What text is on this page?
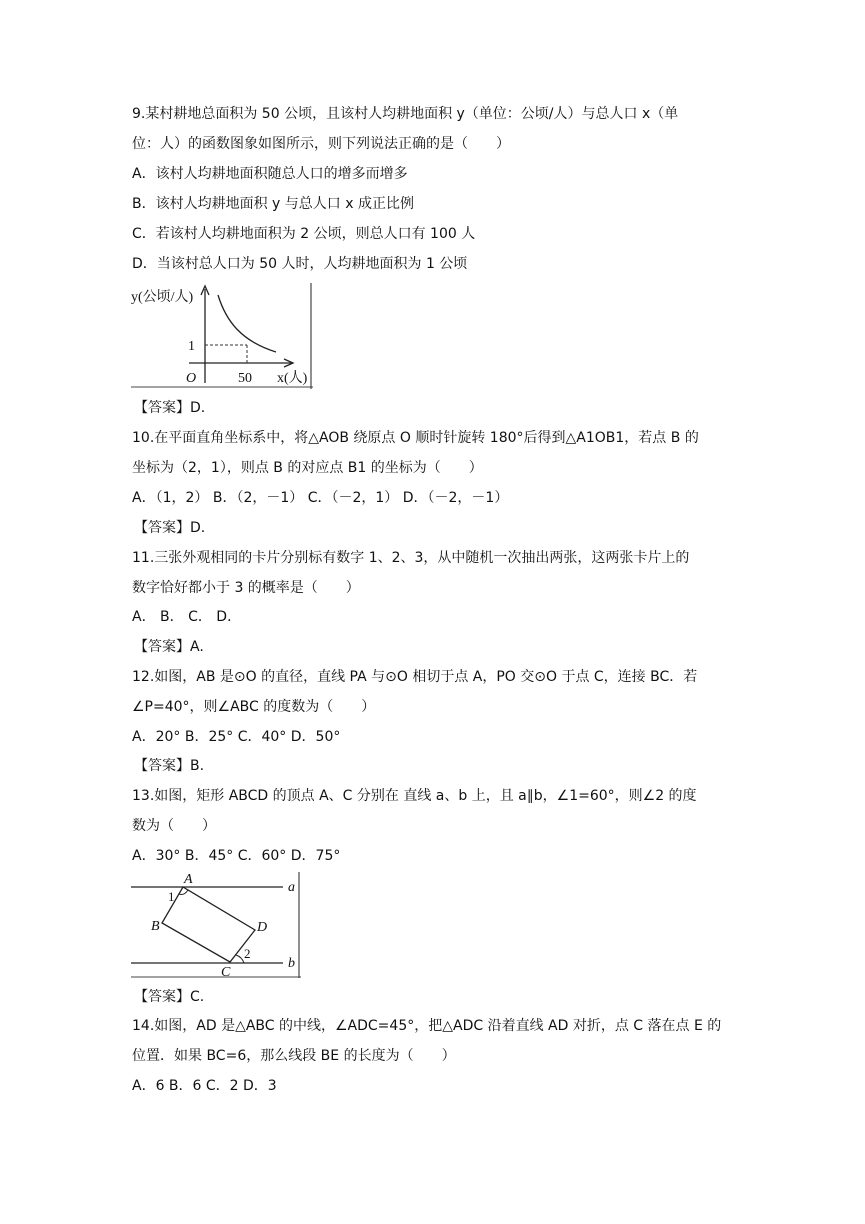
9.某村耕地总面积为 50 公顷，且该村人均耕地面积 y（单位：公顷/人）与总人口 x（单
位：人）的函数图象如图所示，则下列说法正确的是（　　）
A．该村人均耕地面积随总人口的增多而增多
B．该村人均耕地面积 y 与总人口 x 成正比例
C．若该村人均耕地面积为 2 公顷，则总人口有 100 人
D．当该村总人口为 50 人时，人均耕地面积为 1 公顷
y(公顷/人)
1
O	50 x(人)
【答案】D.
10.在平面直角坐标系中，将△AOB 绕原点 O 顺时针旋转 180°后得到△A1OB1，若点 B 的
坐标为（2，1），则点 B 的对应点 B1 的坐标为（　　）
A．（1，2） B．（2，－1） C．（－2，1） D．（－2，－1）
【答案】D.
11.三张外观相同的卡片分别标有数字 1、2、3，从中随机一次抽出两张，这两张卡片上的
数字恰好都小于 3 的概率是（　　）
A． B． C． D．
【答案】A.
12.如图，AB 是⊙O 的直径，直线 PA 与⊙O 相切于点 A，PO 交⊙O 于点 C，连接 BC．若
∠P=40°，则∠ABC 的度数为（　　）
A．20° B．25° C．40° D．50°
【答案】B.
13.如图，矩形 ABCD 的顶点 A、C 分别在 直线 a、b 上，且 a∥b，∠1=60°，则∠2 的度
数为（　　）
A．30° B．45° C．60° D．75°
A
1
B	D
2
C
a
b
【答案】C.
14.如图，AD 是△ABC 的中线，∠ADC=45°，把△ADC 沿着直线 AD 对折，点 C 落在点 E 的
位置．如果 BC=6，那么线段 BE 的长度为（　　）
A．6 B．6 C．2 D．3
